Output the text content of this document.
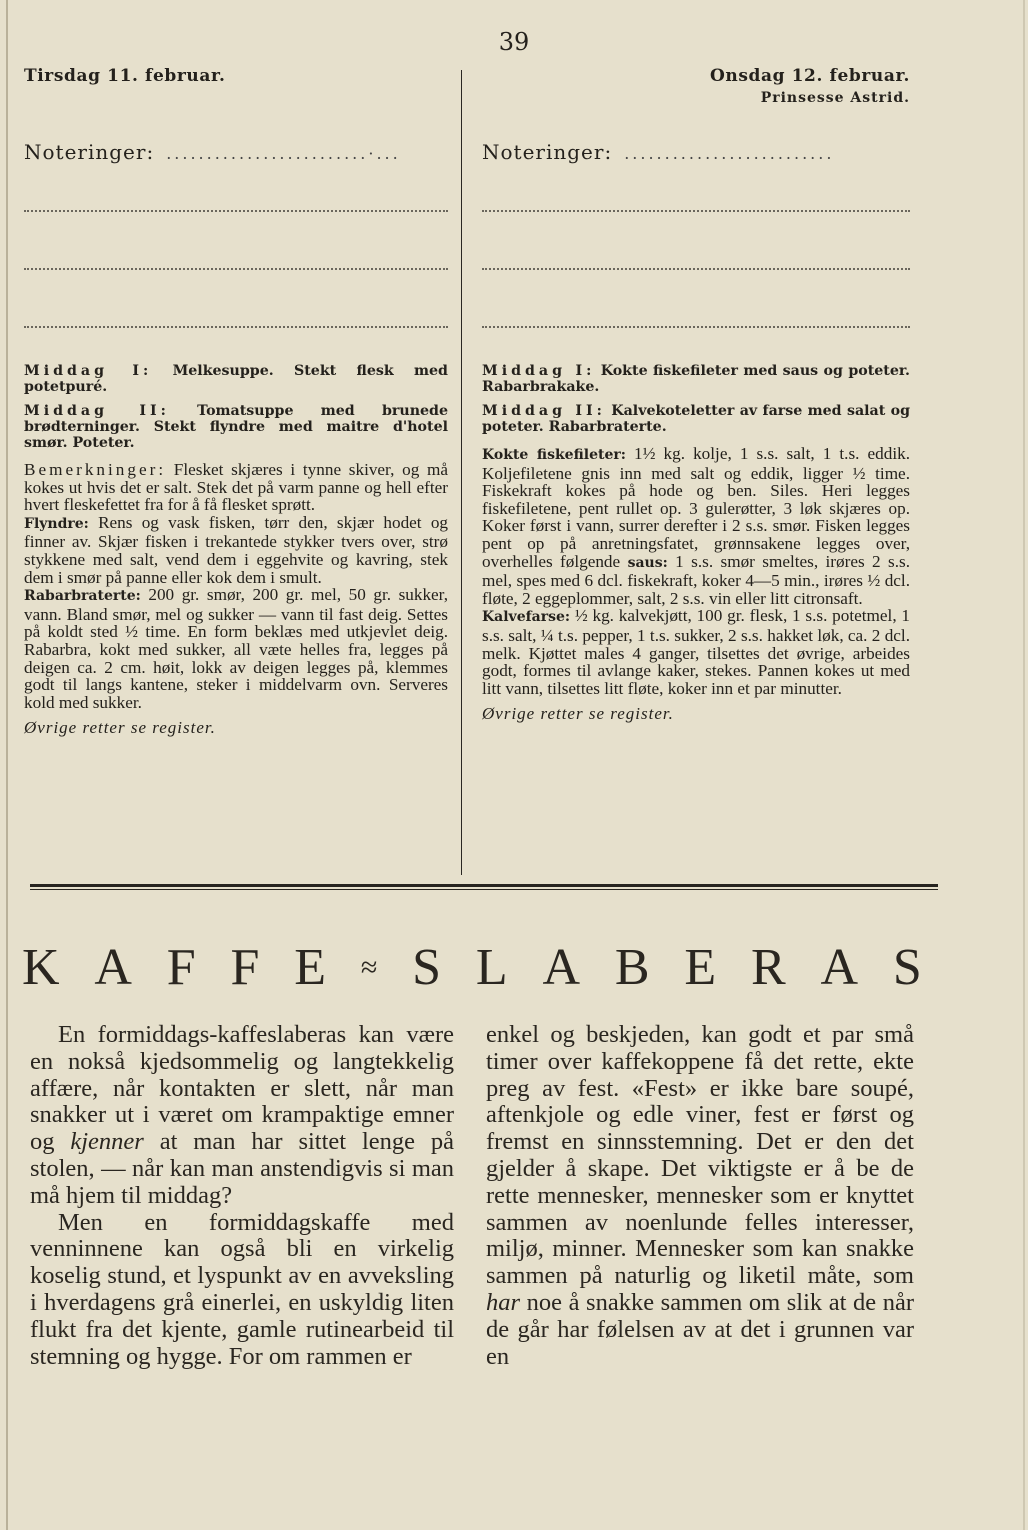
39
Tirsdag 11. februar.
Noteringer: .........................·...

Middag I: Melkesuppe. Stekt flesk med potetpuré.

Middag II: Tomatsuppe med brunede brødterninger. Stekt flyndre med maitre d'hotel smør. Poteter.

Bemerkninger: Flesket skjæres i tynne skiver, og må kokes ut hvis det er salt. Stek det på varm panne og hell efter hvert fleskefettet fra for å få flesket sprøtt.

Flyndre: Rens og vask fisken, tørr den, skjær hodet og finner av. Skjær fisken i trekantede stykker tvers over, strø stykkene med salt, vend dem i eggehvite og kavring, stek dem i smør på panne eller kok dem i smult.

Rabarbraterte: 200 gr. smør, 200 gr. mel, 50 gr. sukker, vann. Bland smør, mel og sukker — vann til fast deig. Settes på koldt sted ½ time. En form beklæs med utkjevlet deig. Rabarbra, kokt med sukker, all væte helles fra, legges på deigen ca. 2 cm. høit, lokk av deigen legges på, klemmes godt til langs kantene, steker i middelvarm ovn. Serveres kold med sukker.

Øvrige retter se register.
Onsdag 12. februar.
Prinsesse Astrid.
Noteringer: ..........................

Middag I: Kokte fiskefileter med saus og poteter. Rabarbrakake.

Middag II: Kalvekoteletter av farse med salat og poteter. Rabarbraterte.

Kokte fiskefileter: 1½ kg. kolje, 1 s.s. salt, 1 t.s. eddik. Koljefiletene gnis inn med salt og eddik, ligger ½ time. Fiskekraft kokes på hode og ben. Siles. Heri legges fiskefiletene, pent rullet op. 3 gulerøtter, 3 løk skjæres op. Koker først i vann, surrer derefter i 2 s.s. smør. Fisken legges pent op på anretningsfatet, grønnsakene legges over, overhelles følgende saus: 1 s.s. smør smeltes, irøres 2 s.s. mel, spes med 6 dcl. fiskekraft, koker 4—5 min., irøres ½ dcl. fløte, 2 eggeplommer, salt, 2 s.s. vin eller litt citronsaft.

Kalvefarse: ½ kg. kalvekjøtt, 100 gr. flesk, 1 s.s. potetmel, 1 s.s. salt, ¼ t.s. pepper, 1 t.s. sukker, 2 s.s. hakket løk, ca. 2 dcl. melk. Kjøttet males 4 ganger, tilsettes det øvrige, arbeides godt, formes til avlange kaker, stekes. Pannen kokes ut med litt vann, tilsettes litt fløte, koker inn et par minutter.

Øvrige retter se register.
K A F F E ≈ S L A B E R A S

En formiddags-kaffeslaberas kan være en nokså kjedsommelig og langtekkelig affære, når kontakten er slett, når man snakker ut i været om krampaktige emner og kjenner at man har sittet lenge på stolen, — når kan man anstendigvis si man må hjem til middag?

Men en formiddagskaffe med venninnene kan også bli en virkelig koselig stund, et lyspunkt av en avveksling i hverdagens grå einerlei, en uskyldig liten flukt fra det kjente, gamle rutinearbeid til stemning og hygge. For om rammen er

enkel og beskjeden, kan godt et par små timer over kaffekoppene få det rette, ekte preg av fest. «Fest» er ikke bare soupé, aftenkjole og edle viner, fest er først og fremst en sinnsstemning. Det er den det gjelder å skape. Det viktigste er å be de rette mennesker, mennesker som er knyttet sammen av noenlunde felles interesser, miljø, minner. Mennesker som kan snakke sammen på naturlig og liketil måte, som har noe å snakke sammen om slik at de når de går har følelsen av at det i grunnen var en
